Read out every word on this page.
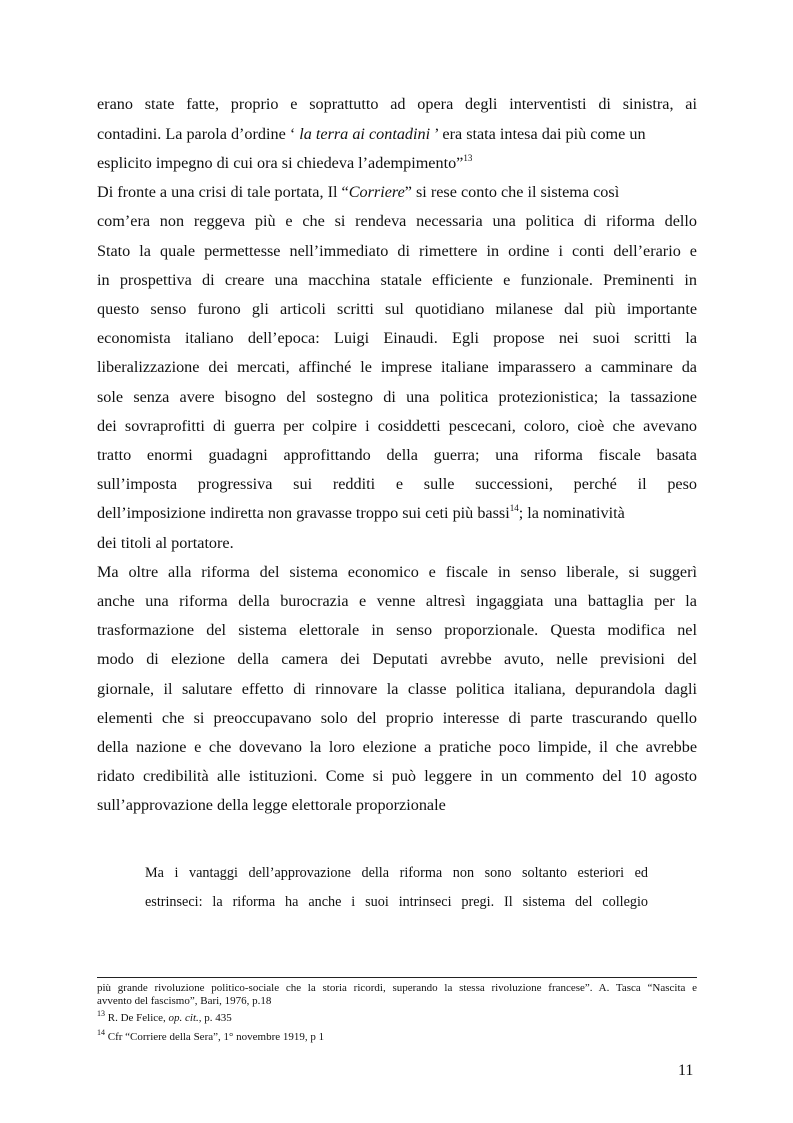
erano state fatte, proprio e soprattutto ad opera degli interventisti di sinistra, ai
contadini. La parola d’ordine ‘ la terra ai contadini ’ era stata intesa dai più come un
esplicito impegno di cui ora si chiedeva l’adempimento”$^{13}$
Di fronte a una crisi di tale portata, Il “Corriere” si rese conto che il sistema così
com’era non reggeva più e che si rendeva necessaria una politica di riforma dello
Stato la quale permettesse nell’immediato di rimettere in ordine i conti dell’erario e
in prospettiva di creare una macchina statale efficiente e funzionale. Preminenti in
questo senso furono gli articoli scritti sul quotidiano milanese dal più importante
economista italiano dell’epoca: Luigi Einaudi. Egli propose nei suoi scritti la
liberalizzazione dei mercati, affinché le imprese italiane imparassero a camminare da
sole senza avere bisogno del sostegno di una politica protezionistica; la tassazione
dei sovraprofitti di guerra per colpire i cosiddetti pescecani, coloro, cioè che avevano
tratto enormi guadagni approfittando della guerra; una riforma fiscale basata
sull’imposta progressiva sui redditi e sulle successioni, perché il peso
dell’imposizione indiretta non gravasse troppo sui ceti più bassi$^{14}$; la nominatività
dei titoli al portatore.
Ma oltre alla riforma del sistema economico e fiscale in senso liberale, si suggerì
anche una riforma della burocrazia e venne altresì ingaggiata una battaglia per la
trasformazione del sistema elettorale in senso proporzionale. Questa modifica nel
modo di elezione della camera dei Deputati avrebbe avuto, nelle previsioni del
giornale, il salutare effetto di rinnovare la classe politica italiana, depurandola dagli
elementi che si preoccupavano solo del proprio interesse di parte trascurando quello
della nazione e che dovevano la loro elezione a pratiche poco limpide, il che avrebbe
ridato credibilità alle istituzioni. Come si può leggere in un commento del 10 agosto
sull’approvazione della legge elettorale proporzionale
Ma i vantaggi dell’approvazione della riforma non sono soltanto esteriori ed
estrinseci: la riforma ha anche i suoi intrinseci pregi. Il sistema del collegio
più grande rivoluzione politico-sociale che la storia ricordi, superando la stessa rivoluzione francese”. A. Tasca “Nascita e
avvento del fascismo”, Bari, 1976, p.18
$^{13}$ R. De Felice, op. cit., p. 435
$^{14}$ Cfr “Corriere della Sera”, 1° novembre 1919, p 1
11
